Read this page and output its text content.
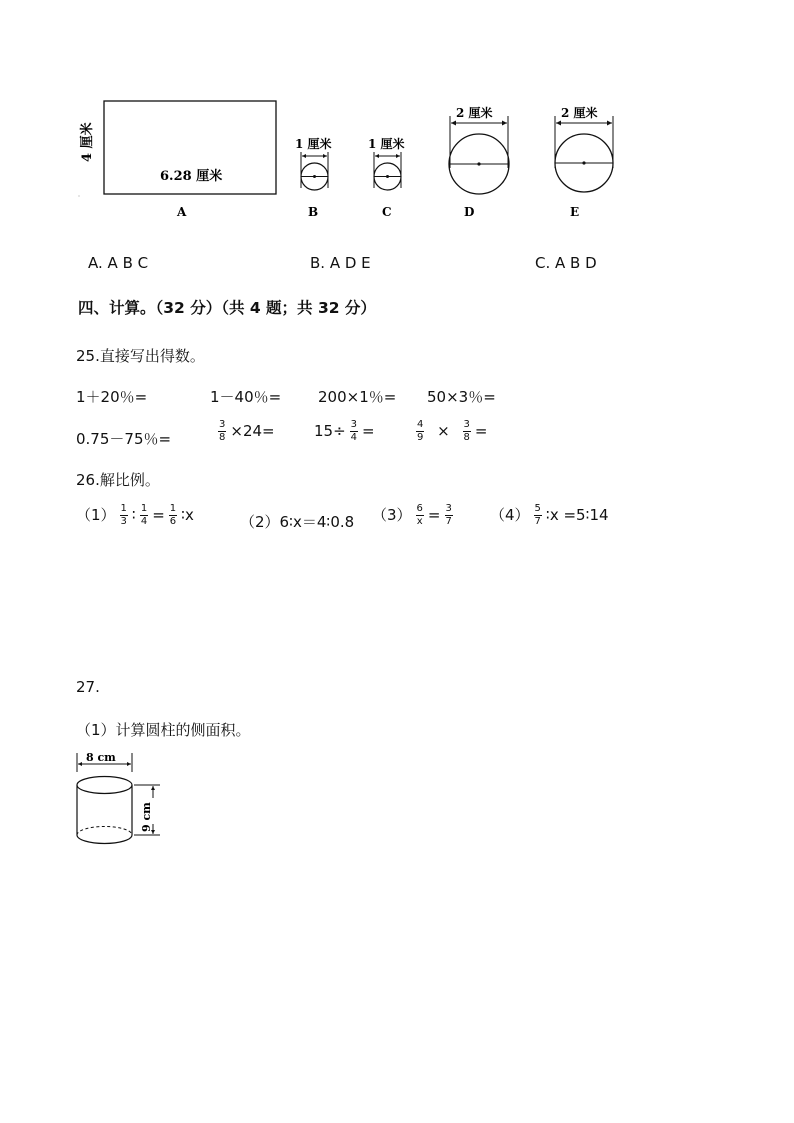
6.28 厘米
4 厘米	1 厘米	1 厘米
2 厘米	2 厘米
A	B	C	D	E
A. A B C	B. A D E	C. A B D
四、计算。（32 分）（共 4 题；共 32 分）
25.直接写出得数。
1＋20％=	1－40％= 200×1％= 50×3％=
0.75－75％=	$\frac{3}{8} \times 24=$	$15\div \frac{3}{4}$ =	$\frac{4}{9} \times \frac{3}{8}$ =
26.解比例。
$(1) \frac{1}{3}$ ∶ $\frac{1}{4} = \frac{1}{6}$ ∶x	（2）6∶x＝4∶0.8 $(3) \frac{6}{x} = \frac{3}{7} (4) \frac{5}{7}$ ∶x =5∶14
27.
（1）计算圆柱的侧面积。
8 cm
9 cm
